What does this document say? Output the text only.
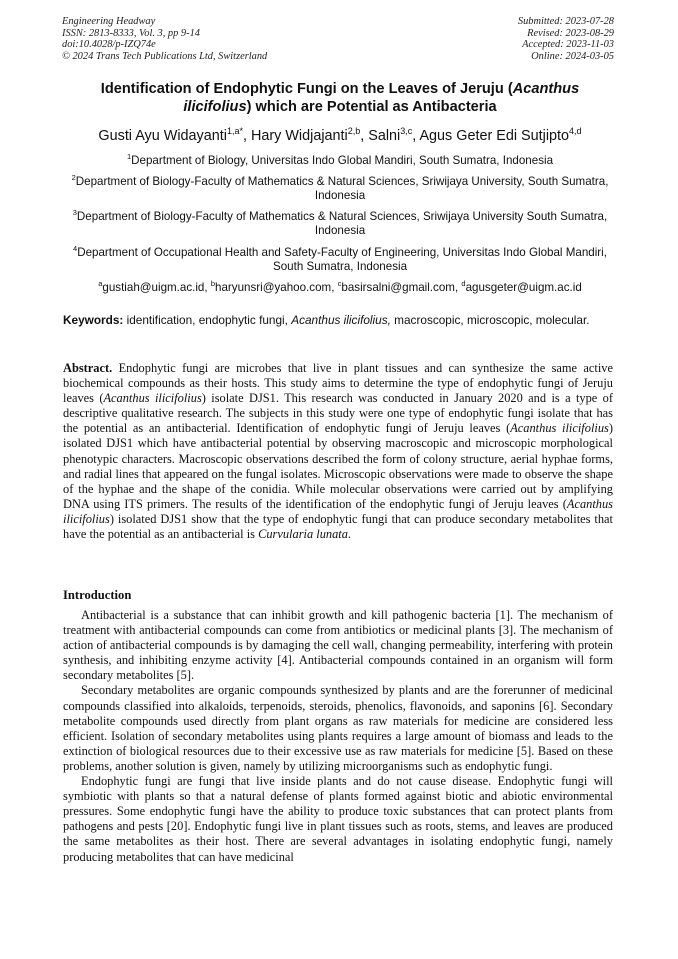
Engineering Headway
ISSN: 2813-8333, Vol. 3, pp 9-14
doi:10.4028/p-IZQ74e
© 2024 Trans Tech Publications Ltd, Switzerland
Submitted: 2023-07-28
Revised: 2023-08-29
Accepted: 2023-11-03
Online: 2024-03-05
Identification of Endophytic Fungi on the Leaves of Jeruju (Acanthus ilicifolius) which are Potential as Antibacteria
Gusti Ayu Widayanti$^{1,a*}$, Hary Widjajanti$^{2,b}$, Salni$^{3,c}$, Agus Geter Edi Sutjipto$^{4,d}$
$^1$Department of Biology, Universitas Indo Global Mandiri, South Sumatra, Indonesia
$^2$Department of Biology-Faculty of Mathematics & Natural Sciences, Sriwijaya University, South Sumatra, Indonesia
$^3$Department of Biology-Faculty of Mathematics & Natural Sciences, Sriwijaya University South Sumatra, Indonesia
$^4$Department of Occupational Health and Safety-Faculty of Engineering, Universitas Indo Global Mandiri, South Sumatra, Indonesia
$^a$gustiah@uigm.ac.id, $^b$haryunsri@yahoo.com, $^c$basirsalni@gmail.com, $^d$agusgeter@uigm.ac.id
Keywords: identification, endophytic fungi, Acanthus ilicifolius, macroscopic, microscopic, molecular.
Abstract. Endophytic fungi are microbes that live in plant tissues and can synthesize the same active biochemical compounds as their hosts. This study aims to determine the type of endophytic fungi of Jeruju leaves (Acanthus ilicifolius) isolate DJS1. This research was conducted in January 2020 and is a type of descriptive qualitative research. The subjects in this study were one type of endophytic fungi isolate that has the potential as an antibacterial. Identification of endophytic fungi of Jeruju leaves (Acanthus ilicifolius) isolated DJS1 which have antibacterial potential by observing macroscopic and microscopic morphological phenotypic characters. Macroscopic observations described the form of colony structure, aerial hyphae forms, and radial lines that appeared on the fungal isolates. Microscopic observations were made to observe the shape of the hyphae and the shape of the conidia. While molecular observations were carried out by amplifying DNA using ITS primers. The results of the identification of the endophytic fungi of Jeruju leaves (Acanthus ilicifolius) isolated DJS1 show that the type of endophytic fungi that can produce secondary metabolites that have the potential as an antibacterial is Curvularia lunata.
Introduction

Antibacterial is a substance that can inhibit growth and kill pathogenic bacteria [1]. The mechanism of treatment with antibacterial compounds can come from antibiotics or medicinal plants [3]. The mechanism of action of antibacterial compounds is by damaging the cell wall, changing permeability, interfering with protein synthesis, and inhibiting enzyme activity [4]. Antibacterial compounds contained in an organism will form secondary metabolites [5].

Secondary metabolites are organic compounds synthesized by plants and are the forerunner of medicinal compounds classified into alkaloids, terpenoids, steroids, phenolics, flavonoids, and saponins [6]. Secondary metabolite compounds used directly from plant organs as raw materials for medicine are considered less efficient. Isolation of secondary metabolites using plants requires a large amount of biomass and leads to the extinction of biological resources due to their excessive use as raw materials for medicine [5]. Based on these problems, another solution is given, namely by utilizing microorganisms such as endophytic fungi.

Endophytic fungi are fungi that live inside plants and do not cause disease. Endophytic fungi will symbiotic with plants so that a natural defense of plants formed against biotic and abiotic environmental pressures. Some endophytic fungi have the ability to produce toxic substances that can protect plants from pathogens and pests [20]. Endophytic fungi live in plant tissues such as roots, stems, and leaves are produced the same metabolites as their host. There are several advantages in isolating endophytic fungi, namely producing metabolites that can have medicinal
